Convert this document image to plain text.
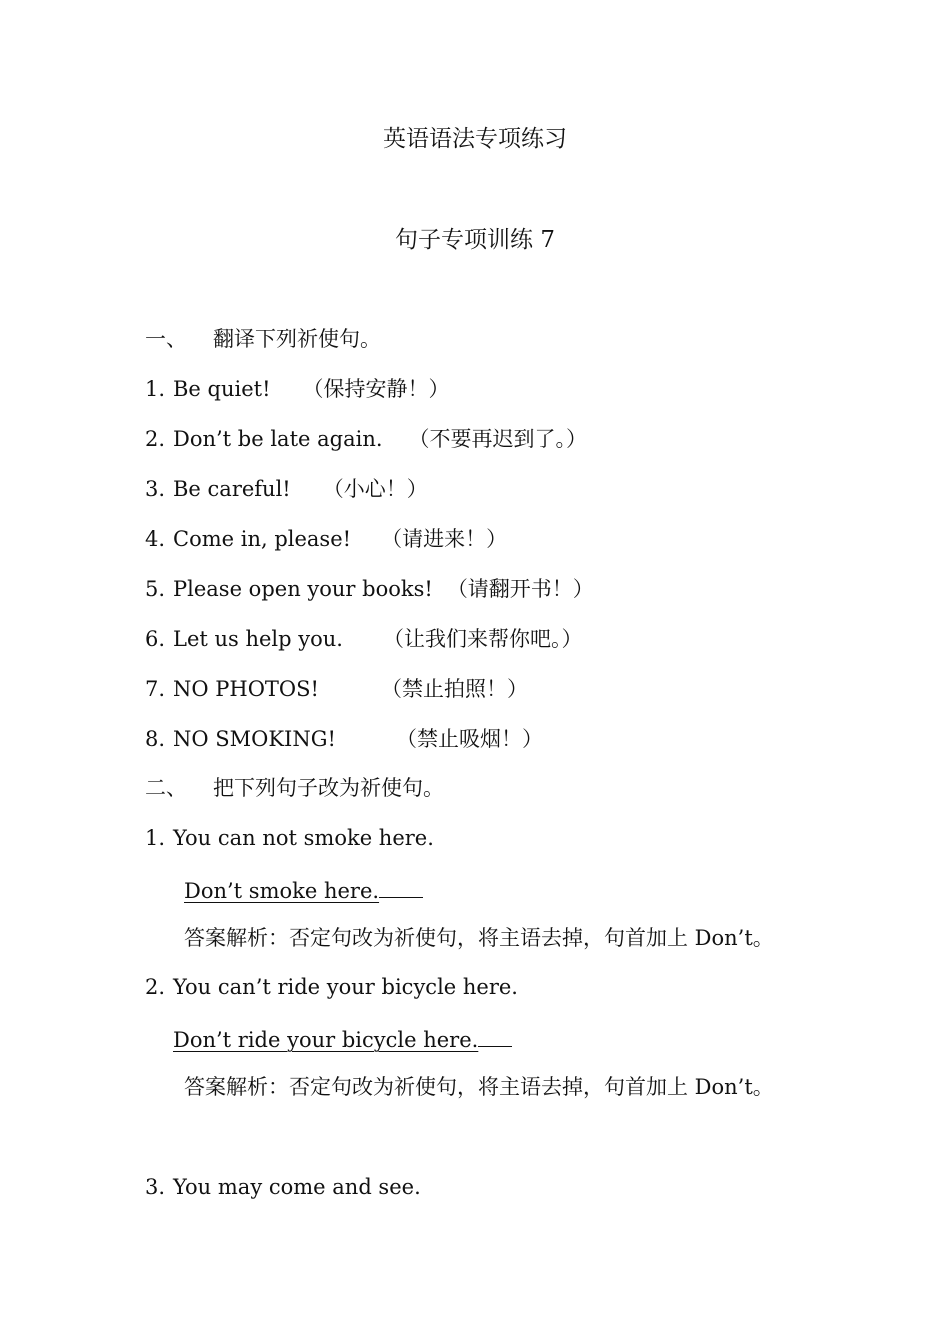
英语语法专项练习
句子专项训练 7
一、 翻译下列祈使句。
1. Be quiet! （保持安静！）
2. Don’t be late again. （不要再迟到了。）
3. Be careful! （小心！）
4. Come in, please! （请进来！）
5. Please open your books! （请翻开书！）
6. Let us help you. （让我们来帮你吧。）
7. NO PHOTOS!	（禁止拍照！）
8. NO SMOKING!	（禁止吸烟！）
二、 把下列句子改为祈使句。
1. You can not smoke here.
Don’t smoke here.
答案解析：否定句改为祈使句，将主语去掉，句首加上 Don’t。
2. You can’t ride your bicycle here.
Don’t ride your bicycle here.
答案解析：否定句改为祈使句，将主语去掉，句首加上 Don’t。
3. You may come and see.
